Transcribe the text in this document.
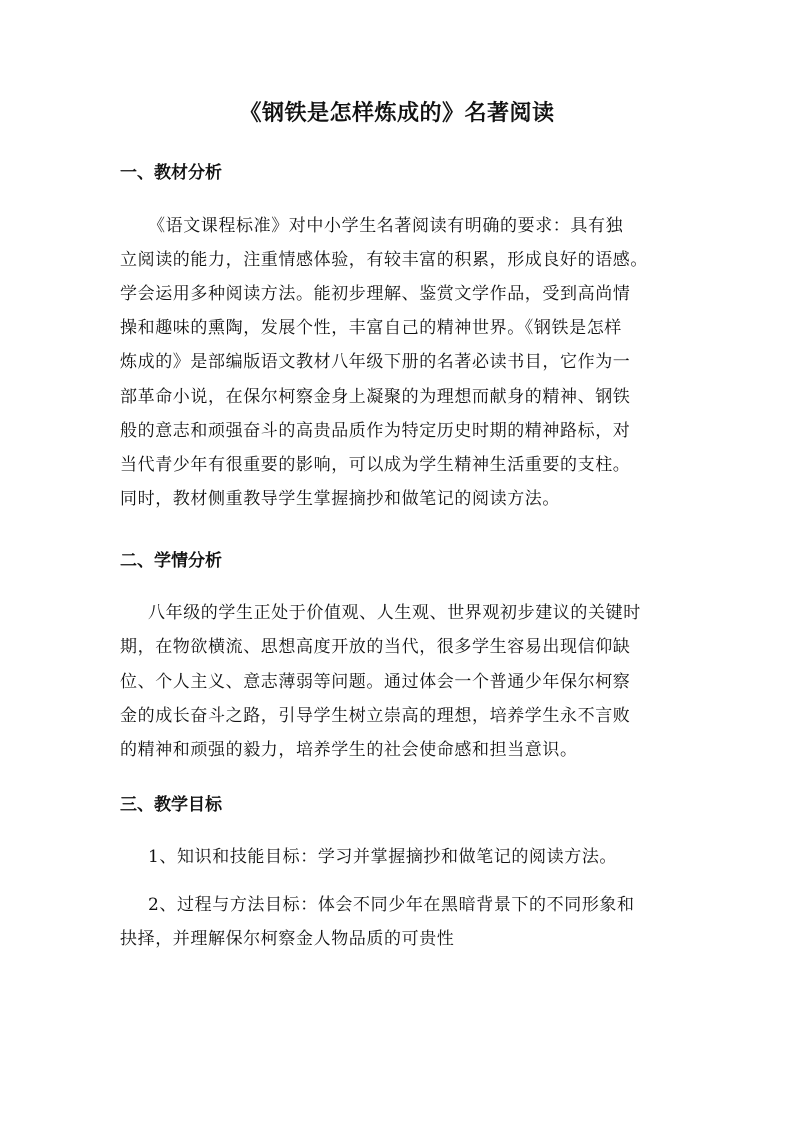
《钢铁是怎样炼成的》名著阅读
一、教材分析
《语文课程标准》对中小学生名著阅读有明确的要求：具有独
立阅读的能力，注重情感体验，有较丰富的积累，形成良好的语感。
学会运用多种阅读方法。能初步理解、鉴赏文学作品，受到高尚情
操和趣味的熏陶，发展个性，丰富自己的精神世界。《钢铁是怎样
炼成的》是部编版语文教材八年级下册的名著必读书目，它作为一
部革命小说，在保尔柯察金身上凝聚的为理想而献身的精神、钢铁
般的意志和顽强奋斗的高贵品质作为特定历史时期的精神路标，对
当代青少年有很重要的影响，可以成为学生精神生活重要的支柱。
同时，教材侧重教导学生掌握摘抄和做笔记的阅读方法。
二、学情分析
八年级的学生正处于价值观、人生观、世界观初步建议的关键时
期，在物欲横流、思想高度开放的当代，很多学生容易出现信仰缺
位、个人主义、意志薄弱等问题。通过体会一个普通少年保尔柯察
金的成长奋斗之路，引导学生树立崇高的理想，培养学生永不言败
的精神和顽强的毅力，培养学生的社会使命感和担当意识。
三、教学目标
1、知识和技能目标：学习并掌握摘抄和做笔记的阅读方法。
2、过程与方法目标：体会不同少年在黑暗背景下的不同形象和
抉择，并理解保尔柯察金人物品质的可贵性
